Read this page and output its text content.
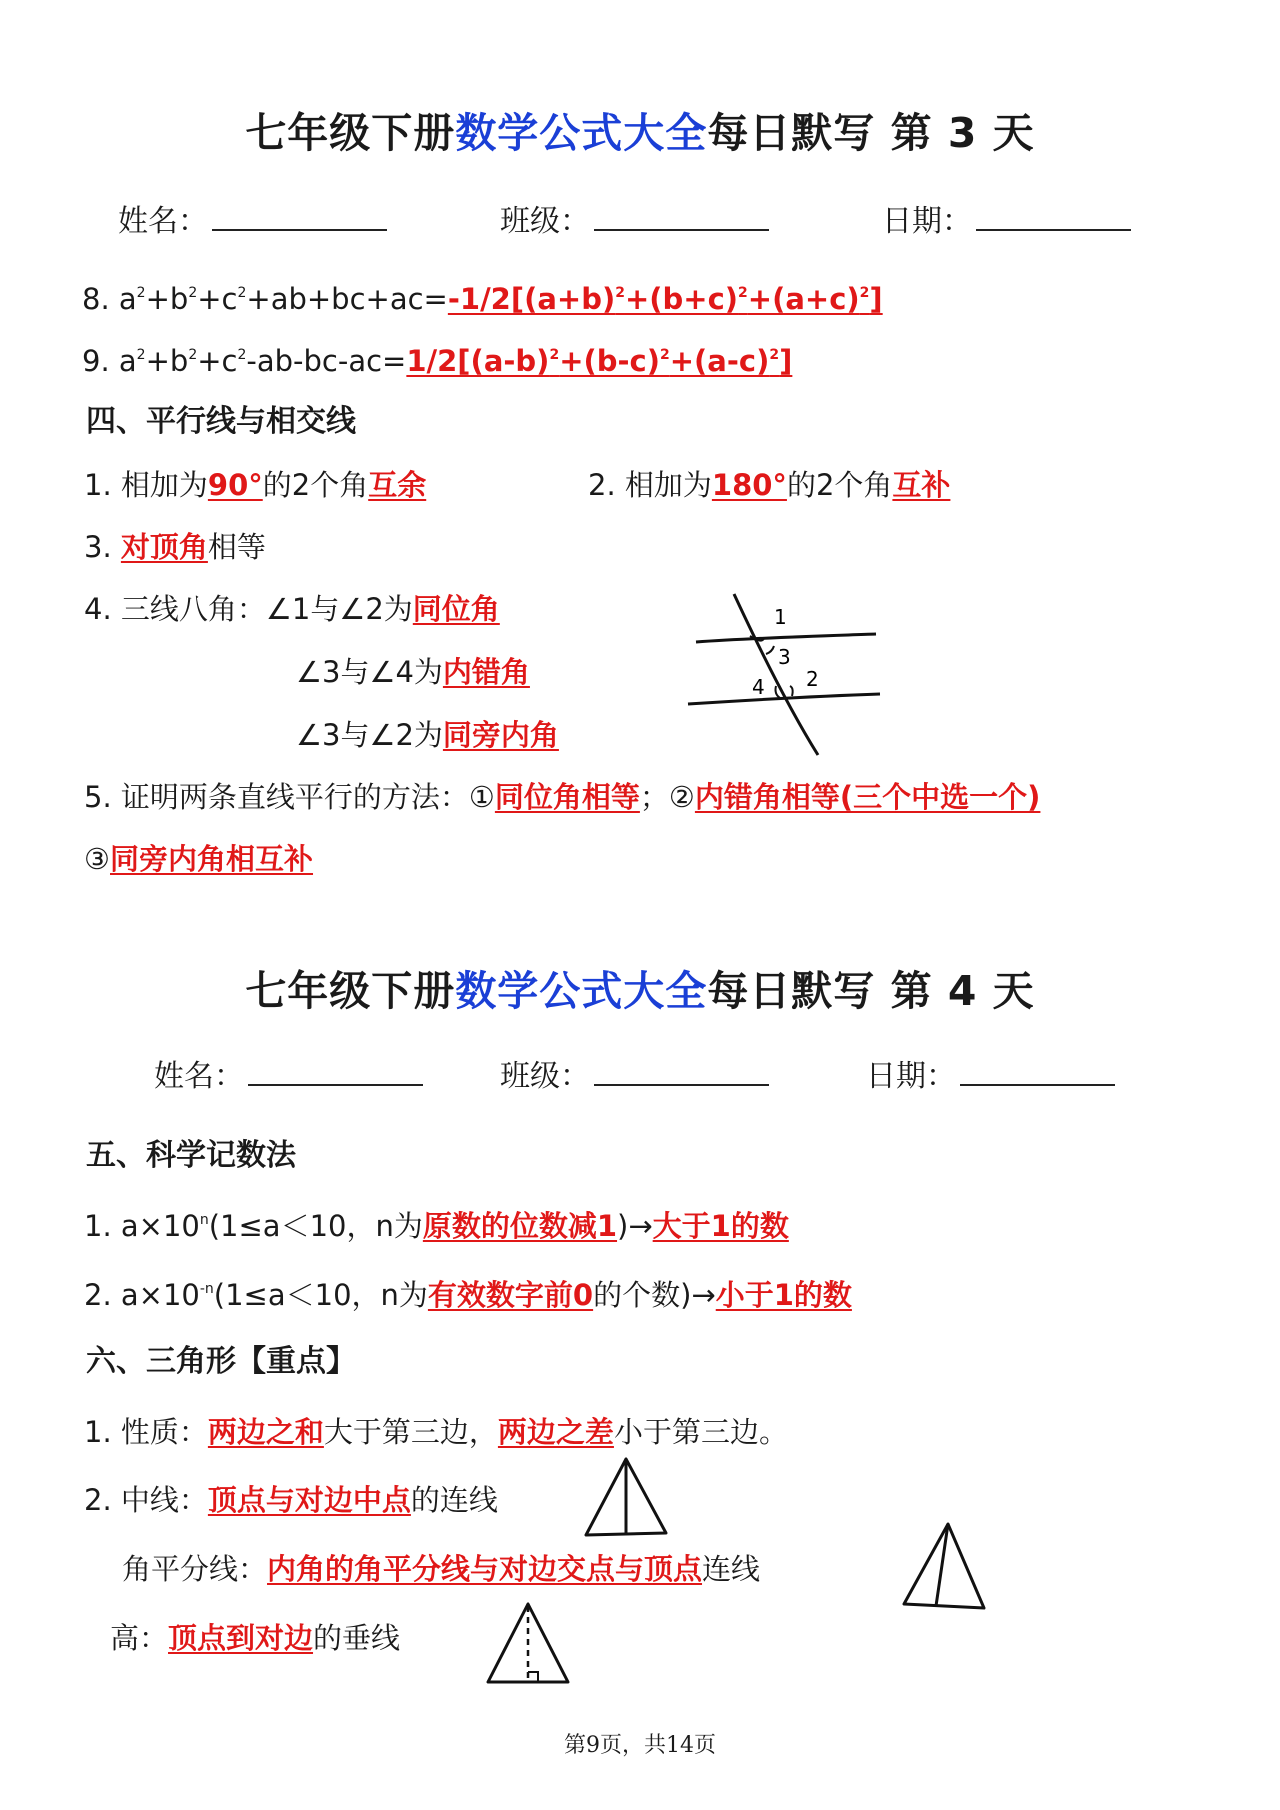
七年级下册数学公式大全每日默写 第 3 天
姓名：	班级：	日期：
8. $a^2+b^2+c^2+ab+bc+ac=-1/2[(a+b)^2+(b+c)^2+(a+c)^2]$
9. $a^2+b^2+c^2-ab-bc-ac=1/2[(a-b)^2+(b-c)^2+(a-c)^2]$
四、平行线与相交线
1. 相加为90°的2个角互余	2. 相加为180°的2个角互补
3. 对顶角相等
4. 三线八角：∠1与∠2为同位角
∠3与∠4为内错角
∠3与∠2为同旁内角
1
3
4 2
5. 证明两条直线平行的方法：①同位角相等；②内错角相等(三个中选一个)
③同旁内角相互补
七年级下册数学公式大全每日默写 第 4 天
姓名：	班级：	日期：
五、科学记数法
1. $a\times 10^n(1\le a<10$，n为原数的位数减1)→大于1的数
2. $a\times 10^{-n}(1\le a<10$，n为有效数字前0的个数)→小于1的数
六、三角形【重点】
1. 性质：两边之和大于第三边，两边之差小于第三边。
2. 中线：顶点与对边中点的连线
角平分线：内角的角平分线与对边交点与顶点连线
高：顶点到对边的垂线
第9页，共14页
